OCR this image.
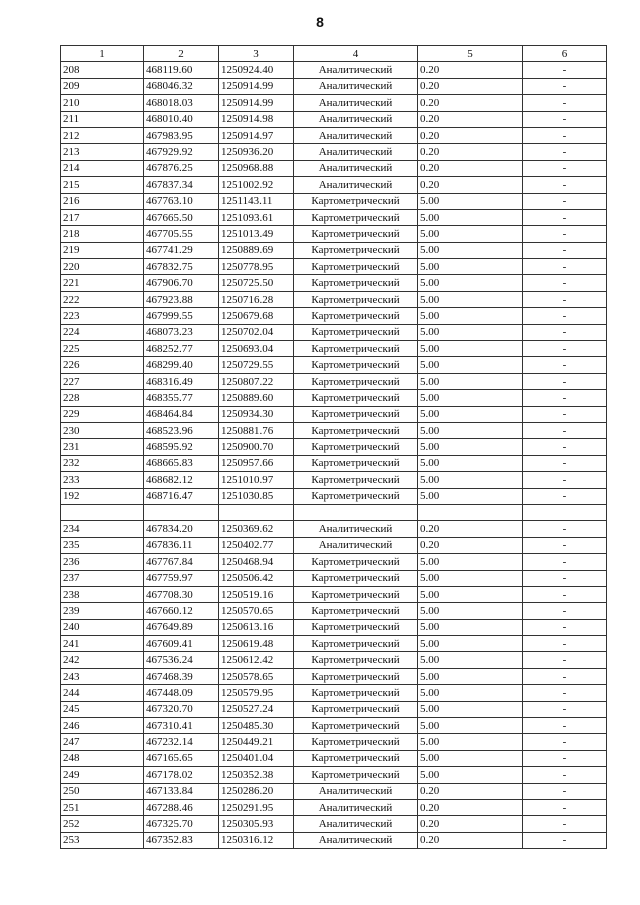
8
1	2	3	4	5	6
208	468119.60	1250924.40	Аналитический	0.20	-
209	468046.32	1250914.99	Аналитический	0.20	-
210	468018.03	1250914.99	Аналитический	0.20	-
211	468010.40	1250914.98	Аналитический	0.20	-
212	467983.95	1250914.97	Аналитический	0.20	-
213	467929.92	1250936.20	Аналитический	0.20	-
214	467876.25	1250968.88	Аналитический	0.20	-
215	467837.34	1251002.92	Аналитический	0.20	-
216	467763.10	1251143.11	Картометрический	5.00	-
217	467665.50	1251093.61	Картометрический	5.00	-
218	467705.55	1251013.49	Картометрический	5.00	-
219	467741.29	1250889.69	Картометрический	5.00	-
220	467832.75	1250778.95	Картометрический	5.00	-
221	467906.70	1250725.50	Картометрический	5.00	-
222	467923.88	1250716.28	Картометрический	5.00	-
223	467999.55	1250679.68	Картометрический	5.00	-
224	468073.23	1250702.04	Картометрический	5.00	-
225	468252.77	1250693.04	Картометрический	5.00	-
226	468299.40	1250729.55	Картометрический	5.00	-
227	468316.49	1250807.22	Картометрический	5.00	-
228	468355.77	1250889.60	Картометрический	5.00	-
229	468464.84	1250934.30	Картометрический	5.00	-
230	468523.96	1250881.76	Картометрический	5.00	-
231	468595.92	1250900.70	Картометрический	5.00	-
232	468665.83	1250957.66	Картометрический	5.00	-
233	468682.12	1251010.97	Картометрический	5.00	-
192	468716.47	1251030.85	Картометрический	5.00	-

234	467834.20	1250369.62	Аналитический	0.20	-
235	467836.11	1250402.77	Аналитический	0.20	-
236	467767.84	1250468.94	Картометрический	5.00	-
237	467759.97	1250506.42	Картометрический	5.00	-
238	467708.30	1250519.16	Картометрический	5.00	-
239	467660.12	1250570.65	Картометрический	5.00	-
240	467649.89	1250613.16	Картометрический	5.00	-
241	467609.41	1250619.48	Картометрический	5.00	-
242	467536.24	1250612.42	Картометрический	5.00	-
243	467468.39	1250578.65	Картометрический	5.00	-
244	467448.09	1250579.95	Картометрический	5.00	-
245	467320.70	1250527.24	Картометрический	5.00	-
246	467310.41	1250485.30	Картометрический	5.00	-
247	467232.14	1250449.21	Картометрический	5.00	-
248	467165.65	1250401.04	Картометрический	5.00	-
249	467178.02	1250352.38	Картометрический	5.00	-
250	467133.84	1250286.20	Аналитический	0.20	-
251	467288.46	1250291.95	Аналитический	0.20	-
252	467325.70	1250305.93	Аналитический	0.20	-
253	467352.83	1250316.12	Аналитический	0.20	-
